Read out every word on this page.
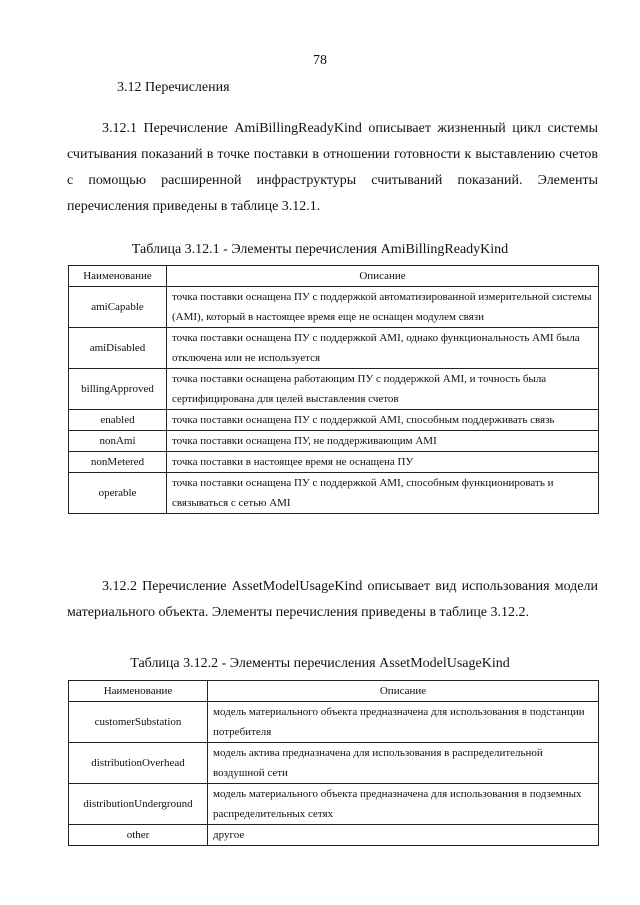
78
3.12 Перечисления

3.12.1 Перечисление AmiBillingReadyKind описывает жизненный цикл системы считывания показаний в точке поставки в отношении готовности к выставлению счетов с помощью расширенной инфраструктуры считываний показаний. Элементы перечисления приведены в таблице 3.12.1.

Таблица 3.12.1 - Элементы перечисления AmiBillingReadyKind
Наименование	Описание
amiCapable	точка поставки оснащена ПУ с поддержкой автоматизированной измерительной системы (AMI), который в настоящее время еще не оснащен модулем связи
amiDisabled	точка поставки оснащена ПУ с поддержкой AMI, однако функциональность AMI была отключена или не используется
billingApproved	точка поставки оснащена работающим ПУ с поддержкой AMI, и точность была сертифицирована для целей выставления счетов
enabled	точка поставки оснащена ПУ с поддержкой AMI, способным поддерживать связь
nonAmi	точка поставки оснащена ПУ, не поддерживающим AMI
nonMetered	точка поставки в настоящее время не оснащена ПУ
operable	точка поставки оснащена ПУ с поддержкой AMI, способным функционировать и связываться с сетью AMI

3.12.2 Перечисление AssetModelUsageKind описывает вид использования модели материального объекта. Элементы перечисления приведены в таблице 3.12.2.

Таблица 3.12.2 - Элементы перечисления AssetModelUsageKind
Наименование	Описание
customerSubstation	модель материального объекта предназначена для использования в подстанции потребителя
distributionOverhead	модель актива предназначена для использования в распределительной воздушной сети
distributionUnderground	модель материального объекта предназначена для использования в подземных распределительных сетях
other	другое
